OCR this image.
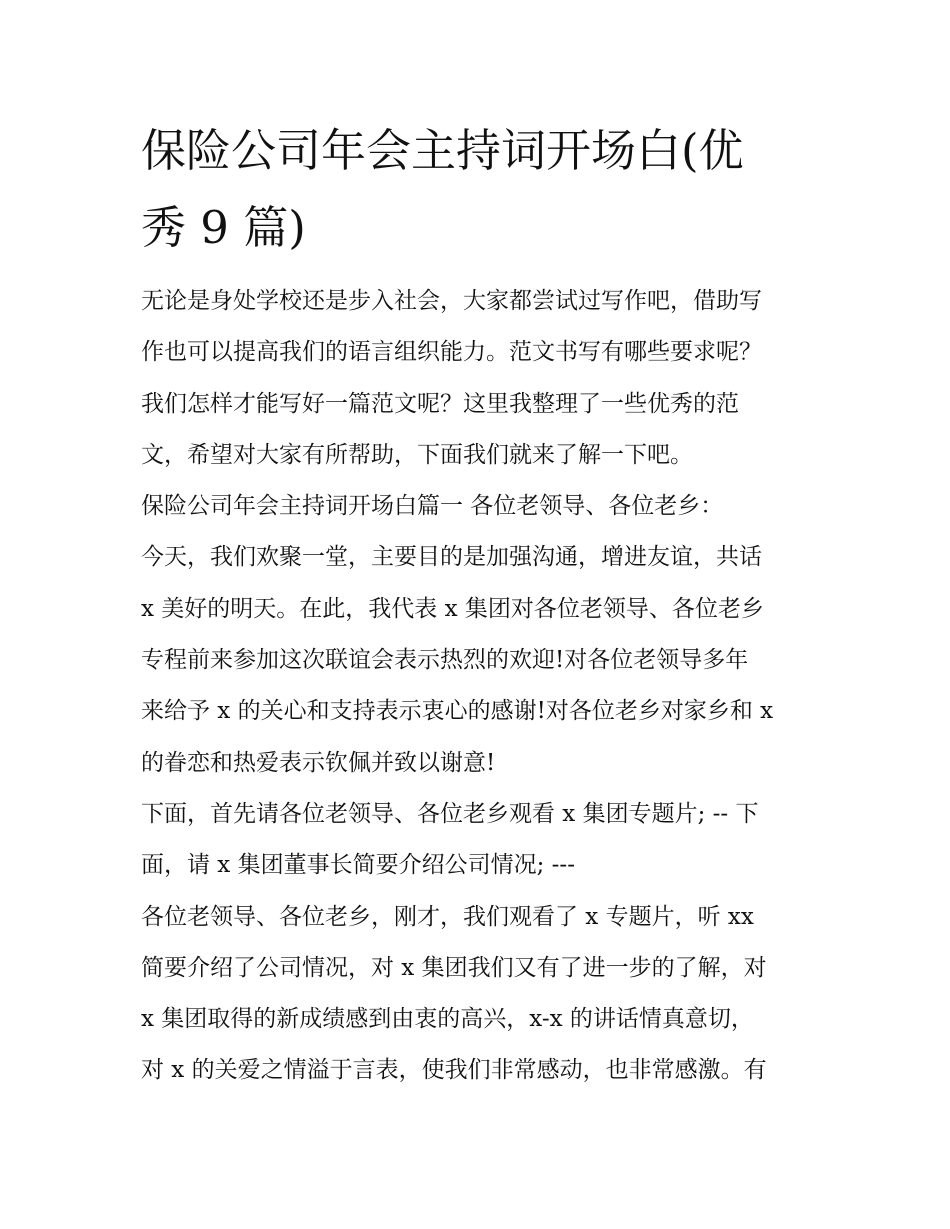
保险公司年会主持词开场白(优
秀 9 篇)
无论是身处学校还是步入社会，大家都尝试过写作吧，借助写
作也可以提高我们的语言组织能力。范文书写有哪些要求呢？
我们怎样才能写好一篇范文呢？这里我整理了一些优秀的范
文，希望对大家有所帮助，下面我们就来了解一下吧。
保险公司年会主持词开场白篇一 各位老领导、各位老乡：
今天，我们欢聚一堂，主要目的是加强沟通，增进友谊，共话
x 美好的明天。在此，我代表 x 集团对各位老领导、各位老乡
专程前来参加这次联谊会表示热烈的欢迎!对各位老领导多年
来给予 x 的关心和支持表示衷心的感谢!对各位老乡对家乡和 x
的眷恋和热爱表示钦佩并致以谢意!
下面，首先请各位老领导、各位老乡观看 x 集团专题片; -- 下
面，请 x 集团董事长简要介绍公司情况; ---
各位老领导、各位老乡，刚才，我们观看了 x 专题片，听 xx
简要介绍了公司情况，对 x 集团我们又有了进一步的了解，对
x 集团取得的新成绩感到由衷的高兴，x-x 的讲话情真意切，
对 x 的关爱之情溢于言表，使我们非常感动，也非常感激。有
